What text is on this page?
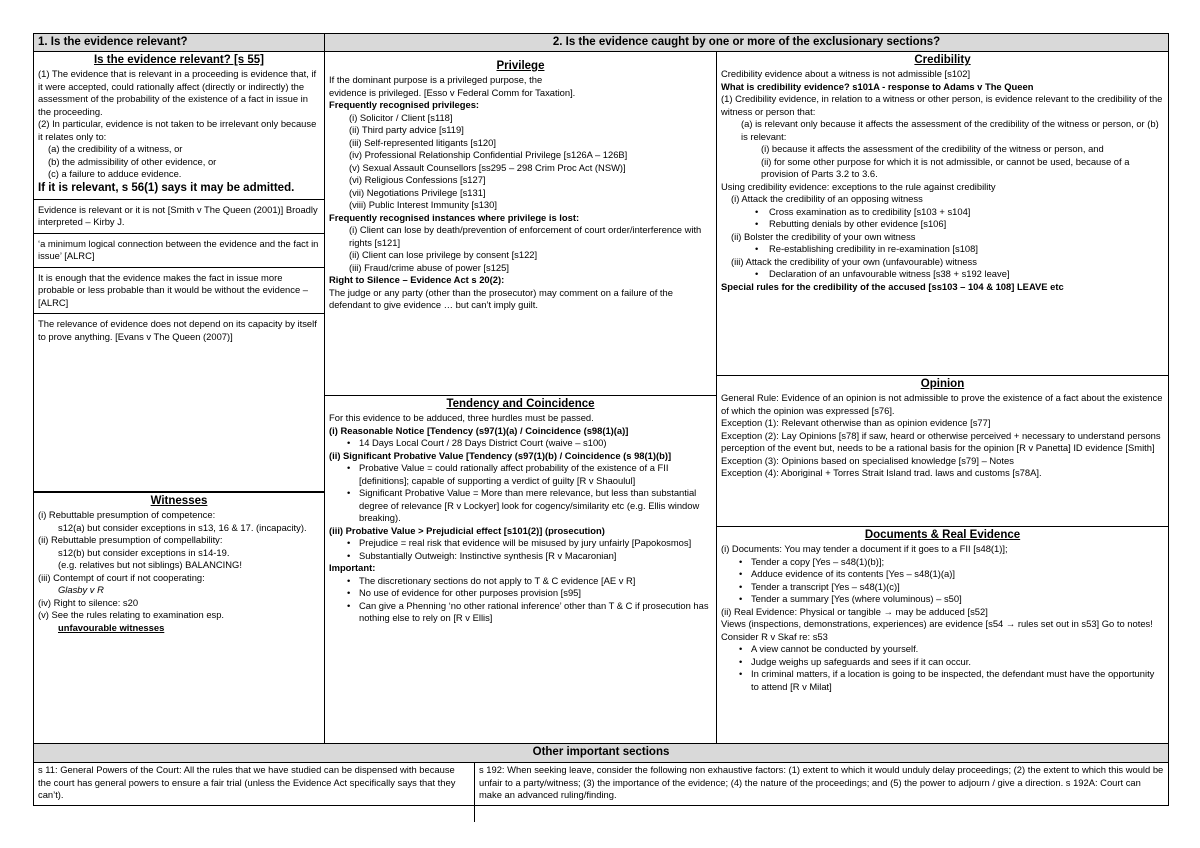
1. Is the evidence relevant?	2. Is the evidence caught by one or more of the exclusionary sections?
Is the evidence relevant? [s 55]

(1) The evidence that is relevant in a proceeding is evidence that, if it were accepted, could rationally affect (directly or indirectly) the assessment of the probability of the existence of a fact in issue in the proceeding.

(2) In particular, evidence is not taken to be irrelevant only because it relates only to:

(a) the credibility of a witness, or

(b) the admissibility of other evidence, or

(c) a failure to adduce evidence.

If it is relevant, s 56(1) says it may be admitted.

Evidence is relevant or it is not [Smith v The Queen (2001)] Broadly interpreted – Kirby J.

‘a minimum logical connection between the evidence and the fact in issue’ [ALRC]

It is enough that the evidence makes the fact in issue more probable or less probable than it would be without the evidence – [ALRC]

The relevance of evidence does not depend on its capacity by itself to prove anything. [Evans v The Queen (2007)]

Witnesses

(i) Rebuttable presumption of competence:

s12(a) but consider exceptions in s13, 16 & 17. (incapacity).

(ii) Rebuttable presumption of compellability:

s12(b) but consider exceptions in s14-19.

(e.g. relatives but not siblings) BALANCING!

(iii) Contempt of court if not cooperating:

Glasby v R

(iv) Right to silence: s20

(v) See the rules relating to examination esp.

unfavourable witnesses

Privilege

If the dominant purpose is a privileged purpose, the

evidence is privileged. [Esso v Federal Comm for Taxation].

Frequently recognised privileges:

(i) Solicitor / Client [s118]

(ii) Third party advice [s119]

(iii) Self-represented litigants [s120]

(iv) Professional Relationship Confidential Privilege [s126A – 126B]

(v) Sexual Assault Counsellors [ss295 – 298 Crim Proc Act (NSW)]

(vi) Religious Confessions [s127]

(vii) Negotiations Privilege [s131]

(viii) Public Interest Immunity [s130]

Frequently recognised instances where privilege is lost:

(i) Client can lose by death/prevention of enforcement of court order/interference with rights [s121]

(ii) Client can lose privilege by consent [s122]

(iii) Fraud/crime abuse of power [s125]

Right to Silence – Evidence Act s 20(2):

The judge or any party (other than the prosecutor) may comment on a failure of the defendant to give evidence … but can’t imply guilt.

Tendency and Coincidence

For this evidence to be adduced, three hurdles must be passed.

(i) Reasonable Notice [Tendency (s97(1)(a) / Coincidence (s98(1)(a)]

• 14 Days Local Court / 28 Days District Court (waive – s100)

(ii) Significant Probative Value [Tendency (s97(1)(b) / Coincidence (s 98(1)(b)]

• Probative Value = could rationally affect probability of the existence of a FII [definitions]; capable of supporting a verdict of guilty [R v Shaoulul]

• Significant Probative Value = More than mere relevance, but less than substantial degree of relevance [R v Lockyer] look for cogency/similarity etc (e.g. Ellis window breaking).

(iii) Probative Value > Prejudicial effect [s101(2)] (prosecution)

• Prejudice = real risk that evidence will be misused by jury unfairly [Papokosmos]

• Substantially Outweigh: Instinctive synthesis [R v Macaronian]

Important:

• The discretionary sections do not apply to T & C evidence [AE v R]

• No use of evidence for other purposes provision [s95]

• Can give a Phenning ‘no other rational inference’ other than T & C if prosecution has nothing else to rely on [R v Ellis]

Credibility

Credibility evidence about a witness is not admissible [s102]

What is credibility evidence? s101A - response to Adams v The Queen

(1) Credibility evidence, in relation to a witness or other person, is evidence relevant to the credibility of the witness or person that:

(a) is relevant only because it affects the assessment of the credibility of the witness or person, or (b) is relevant:

(i) because it affects the assessment of the credibility of the witness or person, and

(ii) for some other purpose for which it is not admissible, or cannot be used, because of a provision of Parts 3.2 to 3.6.

Using credibility evidence: exceptions to the rule against credibility

(i) Attack the credibility of an opposing witness

• Cross examination as to credibility [s103 + s104]

• Rebutting denials by other evidence [s106]

(ii) Bolster the credibility of your own witness

• Re-establishing credibility in re-examination [s108]

(iii) Attack the credibility of your own (unfavourable) witness

• Declaration of an unfavourable witness [s38 + s192 leave]

Special rules for the credibility of the accused [ss103 – 104 & 108] LEAVE etc

Opinion

General Rule: Evidence of an opinion is not admissible to prove the existence of a fact about the existence of which the opinion was expressed [s76].

Exception (1): Relevant otherwise than as opinion evidence [s77]

Exception (2): Lay Opinions [s78] if saw, heard or otherwise perceived + necessary to understand persons perception of the event but, needs to be a rational basis for the opinion [R v Panetta] ID evidence [Smith]

Exception (3): Opinions based on specialised knowledge [s79] – Notes

Exception (4): Aboriginal + Torres Strait Island trad. laws and customs [s78A].

Documents & Real Evidence

(i) Documents: You may tender a document if it goes to a FII [s48(1)];

• Tender a copy [Yes – s48(1)(b)];

• Adduce evidence of its contents [Yes – s48(1)(a)]

• Tender a transcript [Yes – s48(1)(c)]

• Tender a summary [Yes (where voluminous) – s50]

(ii) Real Evidence: Physical or tangible → may be adduced [s52]

Views (inspections, demonstrations, experiences) are evidence [s54 → rules set out in s53] Go to notes! Consider R v Skaf re: s53

• A view cannot be conducted by yourself.

• Judge weighs up safeguards and sees if it can occur.

• In criminal matters, if a location is going to be inspected, the defendant must have the opportunity to attend [R v Milat]

Other important sections

s 11: General Powers of the Court: All the rules that we have studied can be dispensed with because the court has general powers to ensure a fair trial (unless the Evidence Act specifically says that they can’t).

s 192: When seeking leave, consider the following non exhaustive factors: (1) extent to which it would unduly delay proceedings; (2) the extent to which this would be unfair to a party/witness; (3) the importance of the evidence; (4) the nature of the proceedings; and (5) the power to adjourn / give a direction. s 192A: Court can make an advanced ruling/finding.
